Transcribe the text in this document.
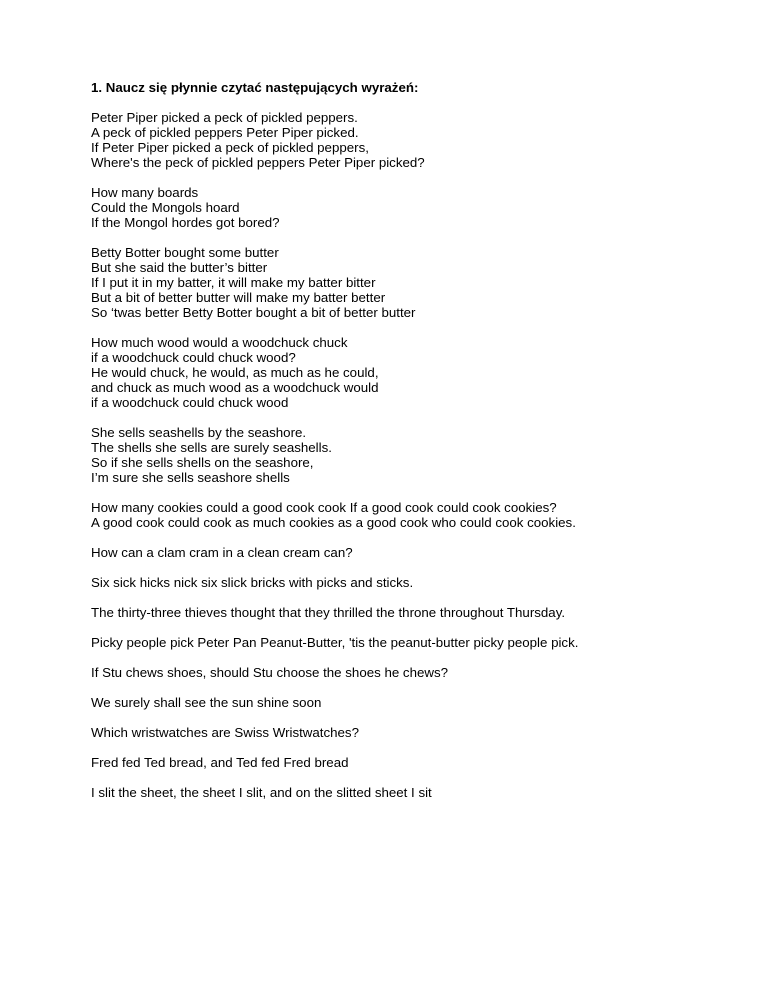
1. Naucz się płynnie czytać następujących wyrażeń:
Peter Piper picked a peck of pickled peppers.
A peck of pickled peppers Peter Piper picked.
If Peter Piper picked a peck of pickled peppers,
Where's the peck of pickled peppers Peter Piper picked?
How many boards
Could the Mongols hoard
If the Mongol hordes got bored?
Betty Botter bought some butter
But she said the butter’s bitter
If I put it in my batter, it will make my batter bitter
But a bit of better butter will make my batter better
So ‘twas better Betty Botter bought a bit of better butter
How much wood would a woodchuck chuck
if a woodchuck could chuck wood?
He would chuck, he would, as much as he could,
and chuck as much wood as a woodchuck would
if a woodchuck could chuck wood
She sells seashells by the seashore.
The shells she sells are surely seashells.
So if she sells shells on the seashore,
I’m sure she sells seashore shells
How many cookies could a good cook cook If a good cook could cook cookies?
A good cook could cook as much cookies as a good cook who could cook cookies.
How can a clam cram in a clean cream can?
Six sick hicks nick six slick bricks with picks and sticks.
The thirty-three thieves thought that they thrilled the throne throughout Thursday.
Picky people pick Peter Pan Peanut-Butter, 'tis the peanut-butter picky people pick.
If Stu chews shoes, should Stu choose the shoes he chews?
We surely shall see the sun shine soon
Which wristwatches are Swiss Wristwatches?
Fred fed Ted bread, and Ted fed Fred bread
I slit the sheet, the sheet I slit, and on the slitted sheet I sit
